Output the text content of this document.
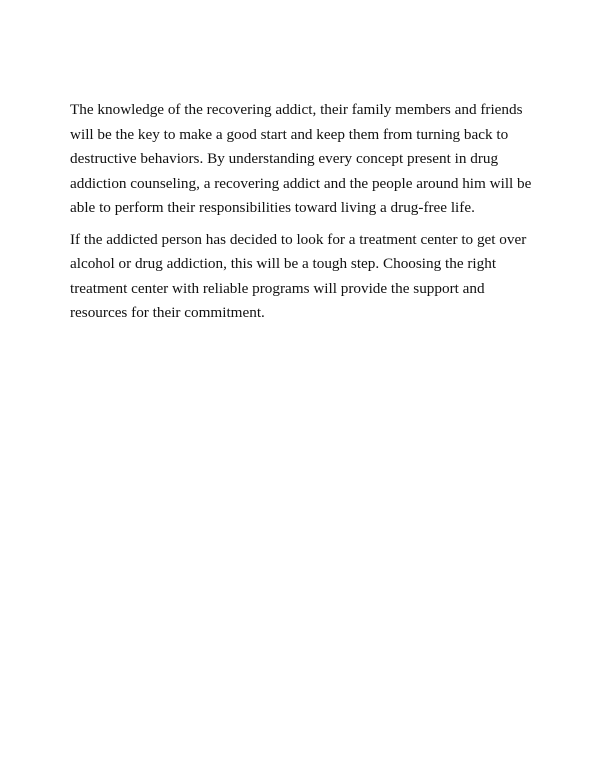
The knowledge of the recovering addict, their family members and friends will be the key to make a good start and keep them from turning back to destructive behaviors. By understanding every concept present in drug addiction counseling, a recovering addict and the people around him will be able to perform their responsibilities toward living a drug-free life.

If the addicted person has decided to look for a treatment center to get over alcohol or drug addiction, this will be a tough step. Choosing the right treatment center with reliable programs will provide the support and resources for their commitment.
